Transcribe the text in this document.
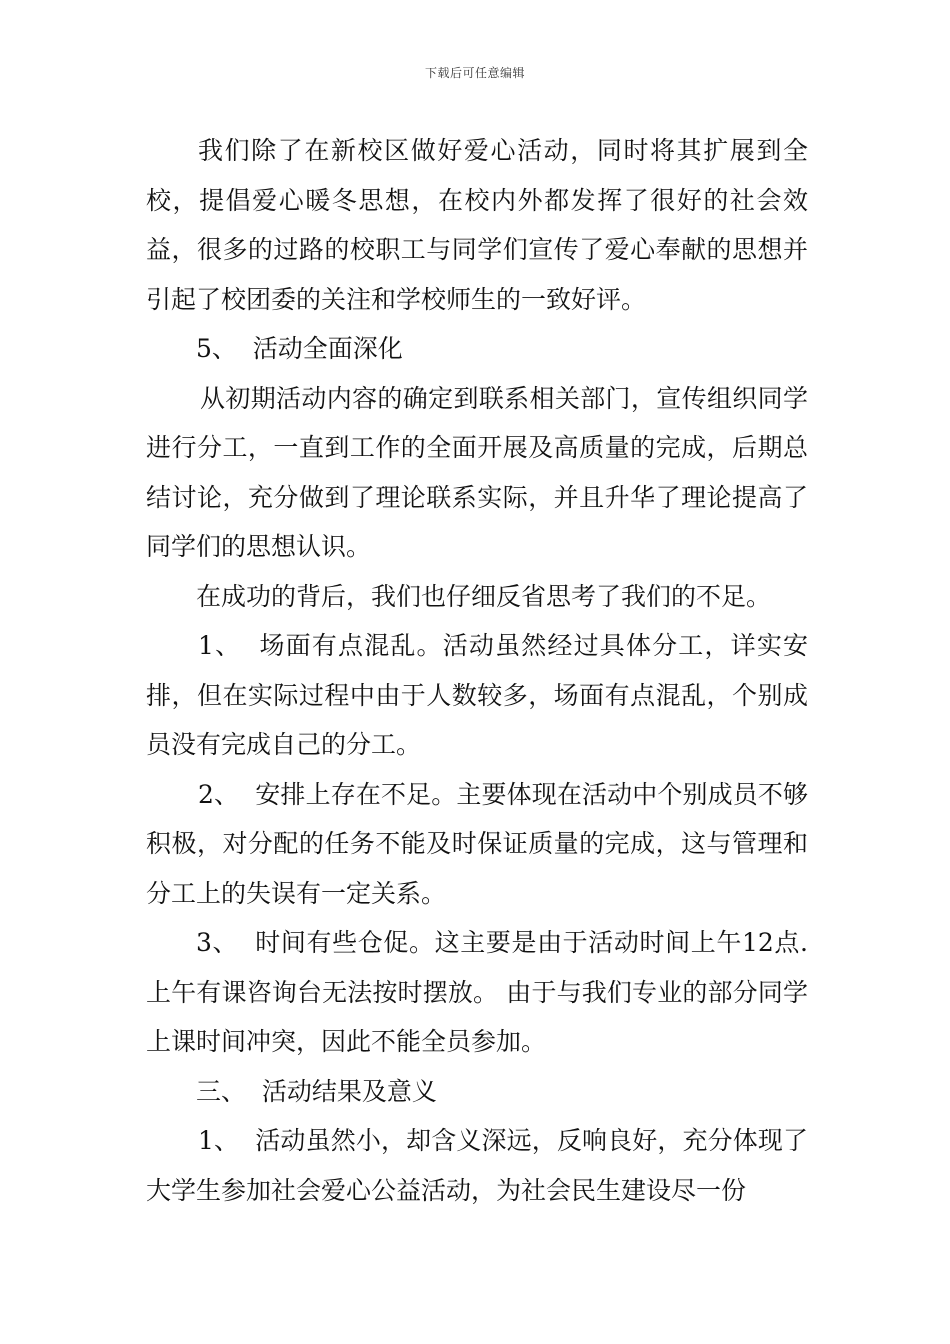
下载后可任意编辑

我们除了在新校区做好爱心活动，同时将其扩展到全校，提倡爱心暖冬思想，在校内外都发挥了很好的社会效益，很多的过路的校职工与同学们宣传了爱心奉献的思想并引起了校团委的关注和学校师生的一致好评。

5、  活动全面深化

从初期活动内容的确定到联系相关部门，宣传组织同学进行分工，一直到工作的全面开展及高质量的完成，后期总结讨论，充分做到了理论联系实际，并且升华了理论提高了同学们的思想认识。

在成功的背后，我们也仔细反省思考了我们的不足。

1、  场面有点混乱。活动虽然经过具体分工，详实安排，但在实际过程中由于人数较多，场面有点混乱，个别成员没有完成自己的分工。

2、  安排上存在不足。主要体现在活动中个别成员不够积极，对分配的任务不能及时保证质量的完成，这与管理和分工上的失误有一定关系。

3、  时间有些仓促。这主要是由于活动时间上午12点.上午有课咨询台无法按时摆放。 由于与我们专业的部分同学上课时间冲突，因此不能全员参加。

三、  活动结果及意义

1、  活动虽然小，却含义深远，反响良好，充分体现了大学生参加社会爱心公益活动，为社会民生建设尽一份
